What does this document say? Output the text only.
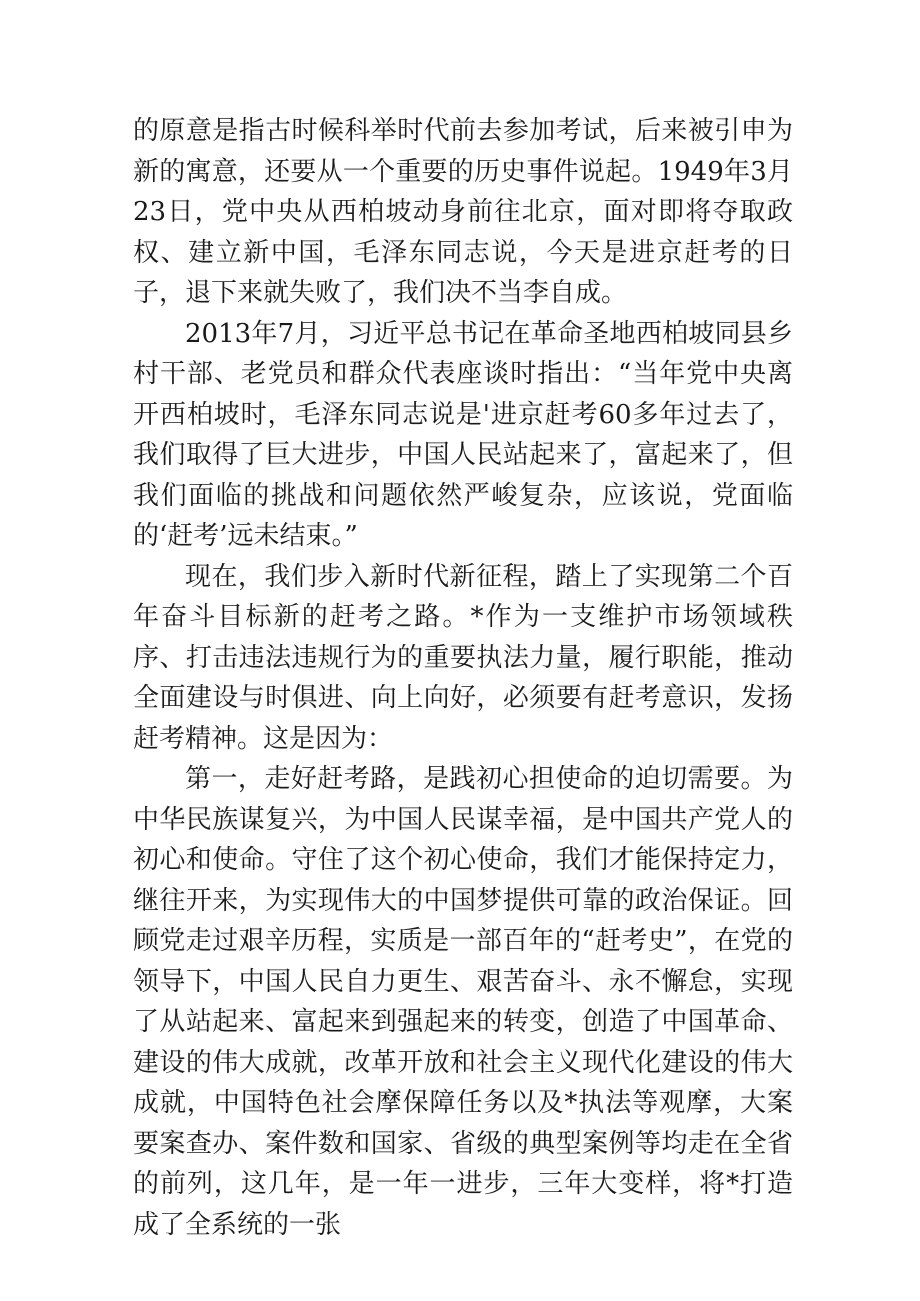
的原意是指古时候科举时代前去参加考试，后来被引申为新的寓意，还要从一个重要的历史事件说起。1949年3月23日，党中央从西柏坡动身前往北京，面对即将夺取政权、建立新中国，毛泽东同志说，今天是进京赶考的日子，退下来就失败了，我们决不当李自成。

2013年7月，习近平总书记在革命圣地西柏坡同县乡村干部、老党员和群众代表座谈时指出：“当年党中央离开西柏坡时，毛泽东同志说是'进京赶考60多年过去了，我们取得了巨大进步，中国人民站起来了，富起来了，但我们面临的挑战和问题依然严峻复杂，应该说，党面临的‘赶考’远未结束。”

现在，我们步入新时代新征程，踏上了实现第二个百年奋斗目标新的赶考之路。*作为一支维护市场领域秩序、打击违法违规行为的重要执法力量，履行职能，推动全面建设与时俱进、向上向好，必须要有赶考意识，发扬赶考精神。这是因为：

第一，走好赶考路，是践初心担使命的迫切需要。为中华民族谋复兴，为中国人民谋幸福，是中国共产党人的初心和使命。守住了这个初心使命，我们才能保持定力，继往开来，为实现伟大的中国梦提供可靠的政治保证。回顾党走过艰辛历程，实质是一部百年的“赶考史”，在党的领导下，中国人民自力更生、艰苦奋斗、永不懈怠，实现了从站起来、富起来到强起来的转变，创造了中国革命、建设的伟大成就，改革开放和社会主义现代化建设的伟大成就，中国特色社会摩保障任务以及*执法等观摩，大案要案查办、案件数和国家、省级的典型案例等均走在全省的前列，这几年，是一年一进步，三年大变样，将*打造成了全系统的一张
